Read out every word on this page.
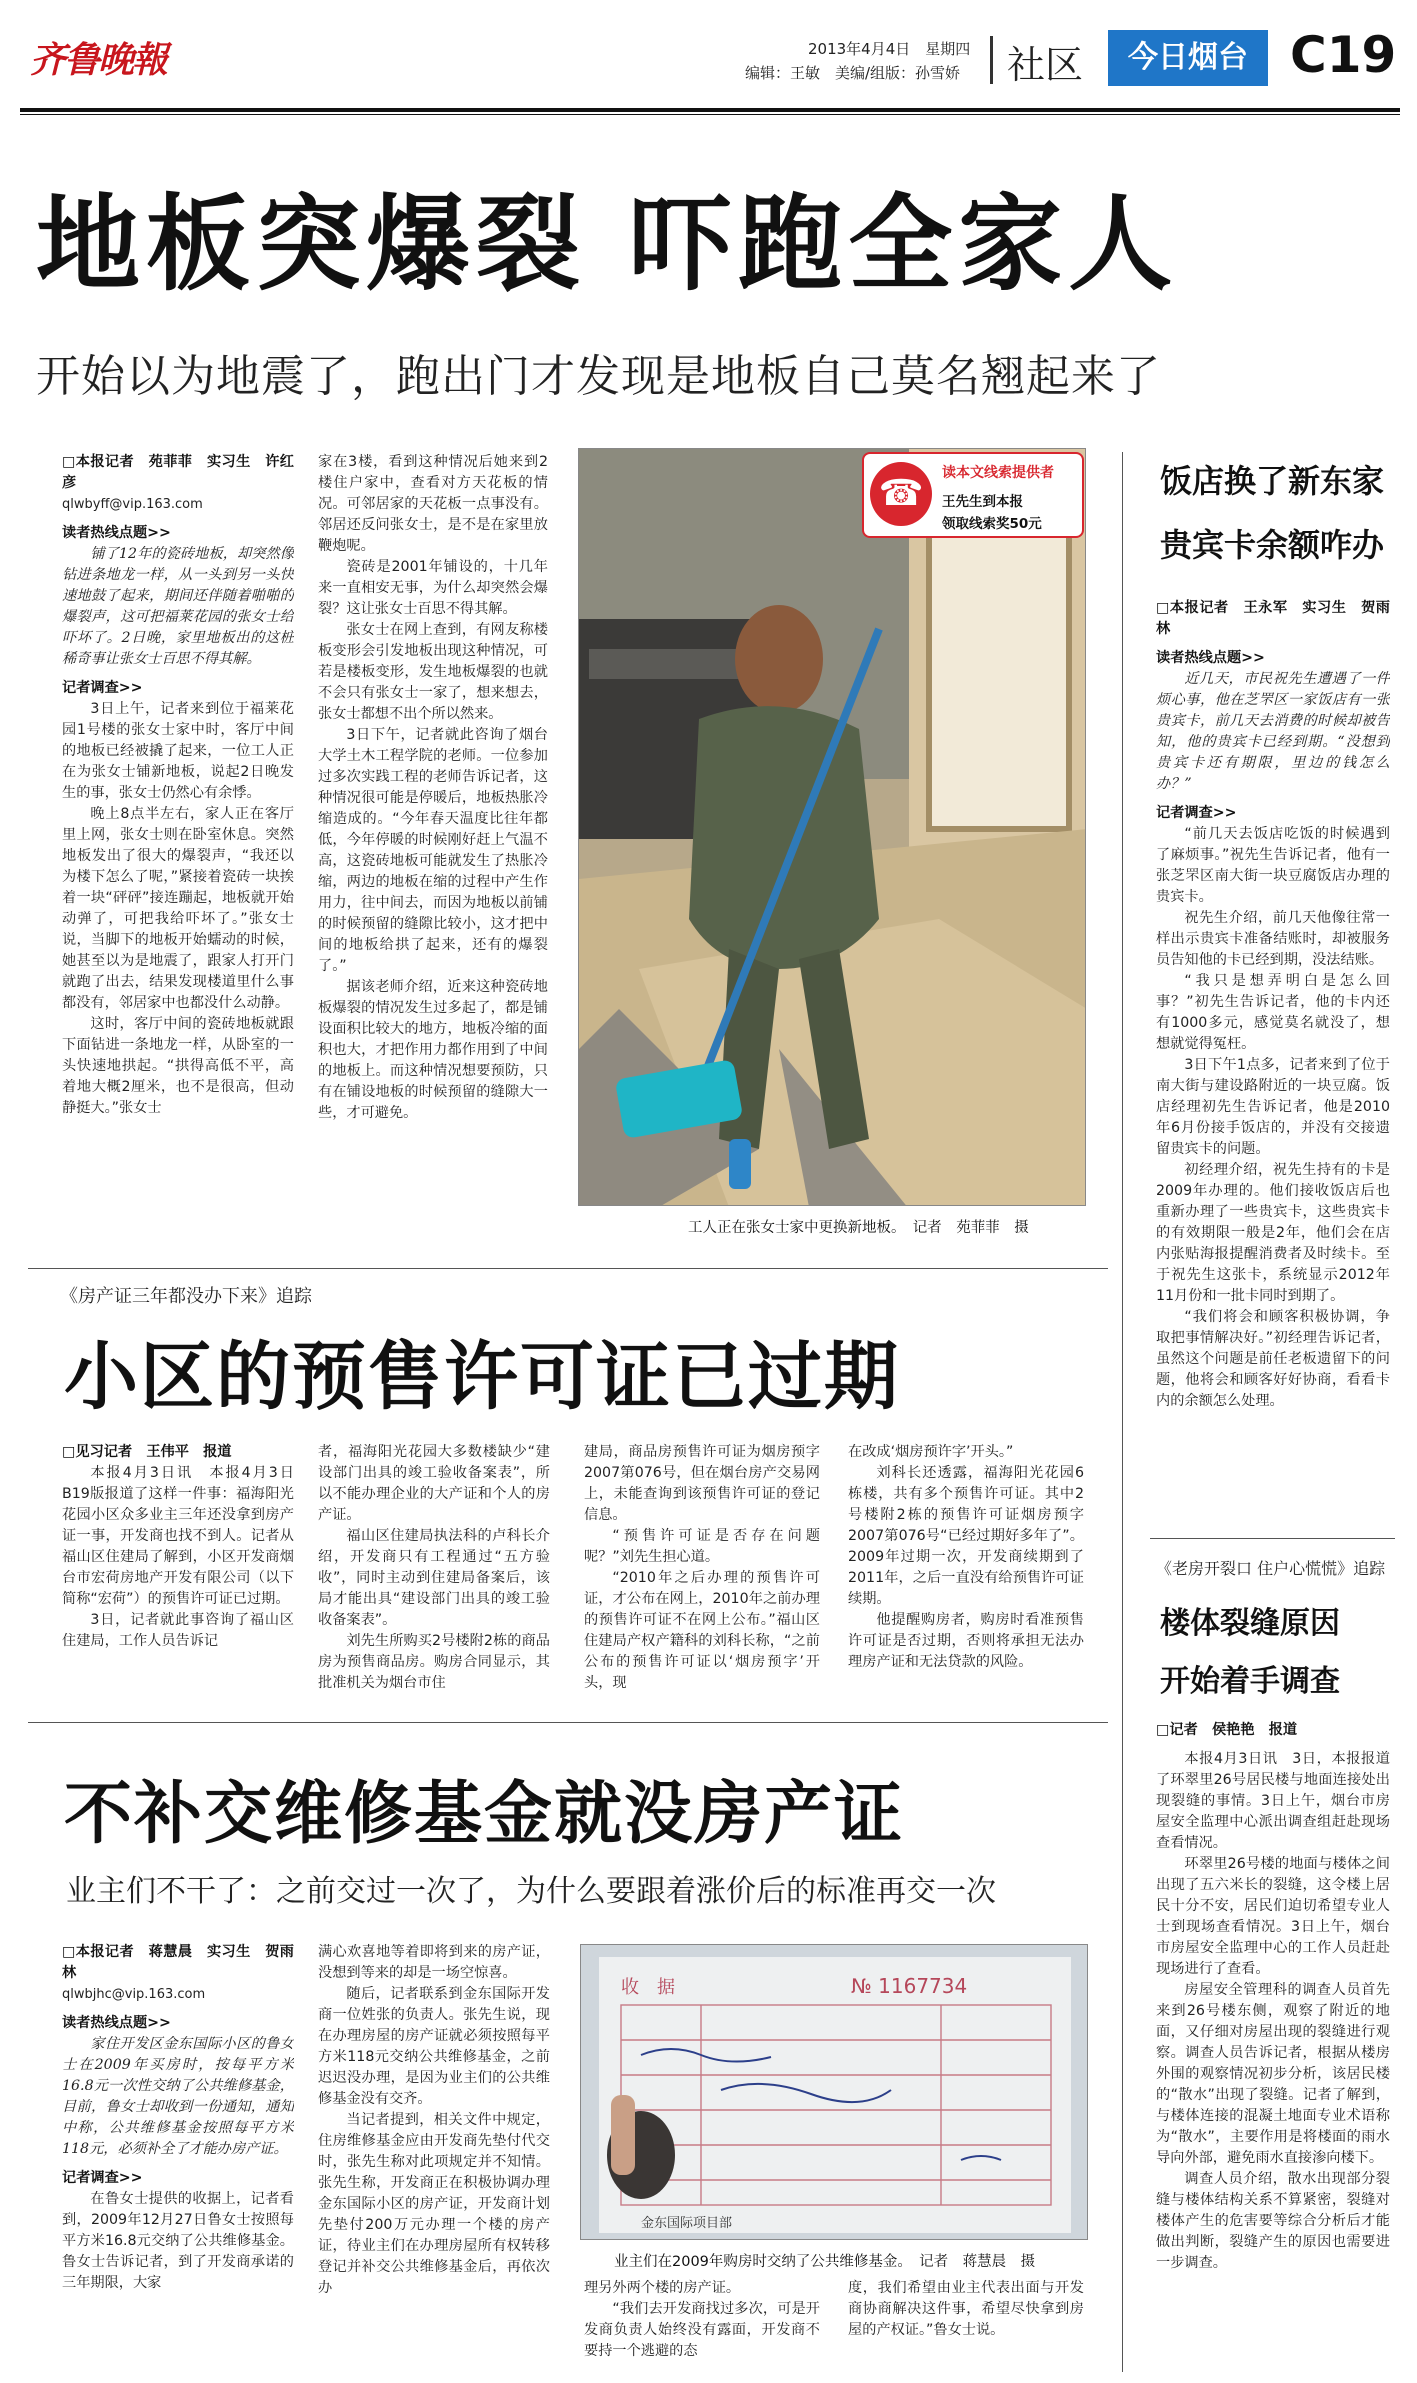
齐鲁晚報	2013年4月4日　星期四
编辑：王敏　美编/组版：孙雪娇 社区	今日烟台 C19
地板突爆裂 吓跑全家人
开始以为地震了，跑出门才发现是地板自己莫名翘起来了

□本报记者　苑菲菲　实习生　许红彦

qlwbyff@vip.163.com

读者热线点题>>

铺了12年的瓷砖地板，却突然像钻进条地龙一样，从一头到另一头快速地鼓了起来，期间还伴随着啪啪的爆裂声，这可把福莱花园的张女士给吓坏了。2日晚，家里地板出的这桩稀奇事让张女士百思不得其解。

记者调查>>

3日上午，记者来到位于福莱花园1号楼的张女士家中时，客厅中间的地板已经被撬了起来，一位工人正在为张女士铺新地板，说起2日晚发生的事，张女士仍然心有余悸。

晚上8点半左右，家人正在客厅里上网，张女士则在卧室休息。突然地板发出了很大的爆裂声，“我还以为楼下怎么了呢，”紧接着瓷砖一块挨着一块“砰砰”接连蹦起，地板就开始动弹了，可把我给吓坏了。”张女士说，当脚下的地板开始蠕动的时候，她甚至以为是地震了，跟家人打开门就跑了出去，结果发现楼道里什么事都没有，邻居家中也都没什么动静。

这时，客厅中间的瓷砖地板就跟下面钻进一条地龙一样，从卧室的一头快速地拱起。“拱得高低不平，高着地大概2厘米，也不是很高，但动静挺大。”张女士

家在3楼，看到这种情况后她来到2楼住户家中，查看对方天花板的情况。可邻居家的天花板一点事没有。邻居还反问张女士，是不是在家里放鞭炮呢。

瓷砖是2001年铺设的，十几年来一直相安无事，为什么却突然会爆裂？这让张女士百思不得其解。

张女士在网上查到，有网友称楼板变形会引发地板出现这种情况，可若是楼板变形，发生地板爆裂的也就不会只有张女士一家了，想来想去，张女士都想不出个所以然来。

3日下午，记者就此咨询了烟台大学土木工程学院的老师。一位参加过多次实践工程的老师告诉记者，这种情况很可能是停暖后，地板热胀冷缩造成的。“今年春天温度比往年都低，今年停暖的时候刚好赶上气温不高，这瓷砖地板可能就发生了热胀冷缩，两边的地板在缩的过程中产生作用力，往中间去，而因为地板以前铺的时候预留的缝隙比较小，这才把中间的地板给拱了起来，还有的爆裂了。”

据该老师介绍，近来这种瓷砖地板爆裂的情况发生过多起了，都是铺设面积比较大的地方，地板冷缩的面积也大，才把作用力都作用到了中间的地板上。而这种情况想要预防，只有在铺设地板的时候预留的缝隙大一些，才可避免。

☎	读本文线索提供者
王先生到本报
领取线索奖50元
工人正在张女士家中更换新地板。　记者　苑菲菲　摄
饭店换了新东家
贵宾卡余额咋办

□本报记者　王永军　实习生　贺雨林

读者热线点题>>

近几天，市民祝先生遭遇了一件烦心事，他在芝罘区一家饭店有一张贵宾卡，前几天去消费的时候却被告知，他的贵宾卡已经到期。“没想到贵宾卡还有期限，里边的钱怎么办？”

记者调查>>

“前几天去饭店吃饭的时候遇到了麻烦事。”祝先生告诉记者，他有一张芝罘区南大街一块豆腐饭店办理的贵宾卡。

祝先生介绍，前几天他像往常一样出示贵宾卡准备结账时，却被服务员告知他的卡已经到期，没法结账。

“我只是想弄明白是怎么回事？”初先生告诉记者，他的卡内还有1000多元，感觉莫名就没了，想想就觉得冤枉。

3日下午1点多，记者来到了位于南大街与建设路附近的一块豆腐。饭店经理初先生告诉记者，他是2010年6月份接手饭店的，并没有交接遗留贵宾卡的问题。

初经理介绍，祝先生持有的卡是2009年办理的。他们接收饭店后也重新办理了一些贵宾卡，这些贵宾卡的有效期限一般是2年，他们会在店内张贴海报提醒消费者及时续卡。至于祝先生这张卡，系统显示2012年11月份和一批卡同时到期了。

“我们将会和顾客积极协调，争取把事情解决好。”初经理告诉记者，虽然这个问题是前任老板遗留下的问题，他将会和顾客好好协商，看看卡内的余额怎么处理。

《老房开裂口 住户心慌慌》追踪
楼体裂缝原因
开始着手调查

□记者　侯艳艳　报道

本报4月3日讯　3日，本报报道了环翠里26号居民楼与地面连接处出现裂缝的事情。3日上午，烟台市房屋安全监理中心派出调查组赶赴现场查看情况。

环翠里26号楼的地面与楼体之间出现了五六米长的裂缝，这令楼上居民十分不安，居民们迫切希望专业人士到现场查看情况。3日上午，烟台市房屋安全监理中心的工作人员赶赴现场进行了查看。

房屋安全管理科的调查人员首先来到26号楼东侧，观察了附近的地面，又仔细对房屋出现的裂缝进行观察。调查人员告诉记者，根据从楼房外围的观察情况初步分析，该居民楼的“散水”出现了裂缝。记者了解到，与楼体连接的混凝土地面专业术语称为“散水”，主要作用是将楼面的雨水导向外部，避免雨水直接渗向楼下。

调查人员介绍，散水出现部分裂缝与楼体结构关系不算紧密，裂缝对楼体产生的危害要等综合分析后才能做出判断，裂缝产生的原因也需要进一步调查。

《房产证三年都没办下来》追踪
小区的预售许可证已过期

□见习记者　王伟平　报道

本报4月3日讯　本报4月3日B19版报道了这样一件事：福海阳光花园小区众多业主三年还没拿到房产证一事，开发商也找不到人。记者从福山区住建局了解到，小区开发商烟台市宏荷房地产开发有限公司（以下简称“宏荷”）的预售许可证已过期。

3日，记者就此事咨询了福山区住建局，工作人员告诉记

者，福海阳光花园大多数楼缺少“建设部门出具的竣工验收备案表”，所以不能办理企业的大产证和个人的房产证。

福山区住建局执法科的卢科长介绍，开发商只有工程通过“五方验收”，同时主动到住建局备案后，该局才能出具“建设部门出具的竣工验收备案表”。

刘先生所购买2号楼附2栋的商品房为预售商品房。购房合同显示，其批准机关为烟台市住

建局，商品房预售许可证为烟房预字2007第076号，但在烟台房产交易网上，未能查询到该预售许可证的登记信息。

“预售许可证是否存在问题呢？”刘先生担心道。

“2010年之后办理的预售许可证，才公布在网上，2010年之前办理的预售许可证不在网上公布。”福山区住建局产权产籍科的刘科长称，“之前公布的预售许可证以‘烟房预字’开头，现

在改成‘烟房预许字’开头。”

刘科长还透露，福海阳光花园6栋楼，共有多个预售许可证。其中2号楼附2栋的预售许可证烟房预字2007第076号“已经过期好多年了”。2009年过期一次，开发商续期到了2011年，之后一直没有给预售许可证续期。

他提醒购房者，购房时看准预售许可证是否过期，否则将承担无法办理房产证和无法贷款的风险。

不补交维修基金就没房产证
业主们不干了：之前交过一次了，为什么要跟着涨价后的标准再交一次

□本报记者　蒋慧晨　实习生　贺雨林

qlwbjhc@vip.163.com

读者热线点题>>

家住开发区金东国际小区的鲁女士在2009年买房时，按每平方米16.8元一次性交纳了公共维修基金，目前，鲁女士却收到一份通知，通知中称，公共维修基金按照每平方米118元，必须补全了才能办房产证。

记者调查>>

在鲁女士提供的收据上，记者看到，2009年12月27日鲁女士按照每平方米16.8元交纳了公共维修基金。鲁女士告诉记者，到了开发商承诺的三年期限，大家

满心欢喜地等着即将到来的房产证，没想到等来的却是一场空惊喜。

随后，记者联系到金东国际开发商一位姓张的负责人。张先生说，现在办理房屋的房产证就必须按照每平方米118元交纳公共维修基金，之前迟迟没办理，是因为业主们的公共维修基金没有交齐。

当记者提到，相关文件中规定，住房维修基金应由开发商先垫付代交时，张先生称对此项规定并不知情。张先生称，开发商正在积极协调办理金东国际小区的房产证，开发商计划先垫付200万元办理一个楼的房产证，待业主们在办理房屋所有权转移登记并补交公共维修基金后，再依次办

收　据	№ 1167734
金东国际项目部
业主们在2009年购房时交纳了公共维修基金。　记者　蒋慧晨　摄

理另外两个楼的房产证。

“我们去开发商找过多次，可是开发商负责人始终没有露面，开发商不要持一个逃避的态

度，我们希望由业主代表出面与开发商协商解决这件事，希望尽快拿到房屋的产权证。”鲁女士说。
